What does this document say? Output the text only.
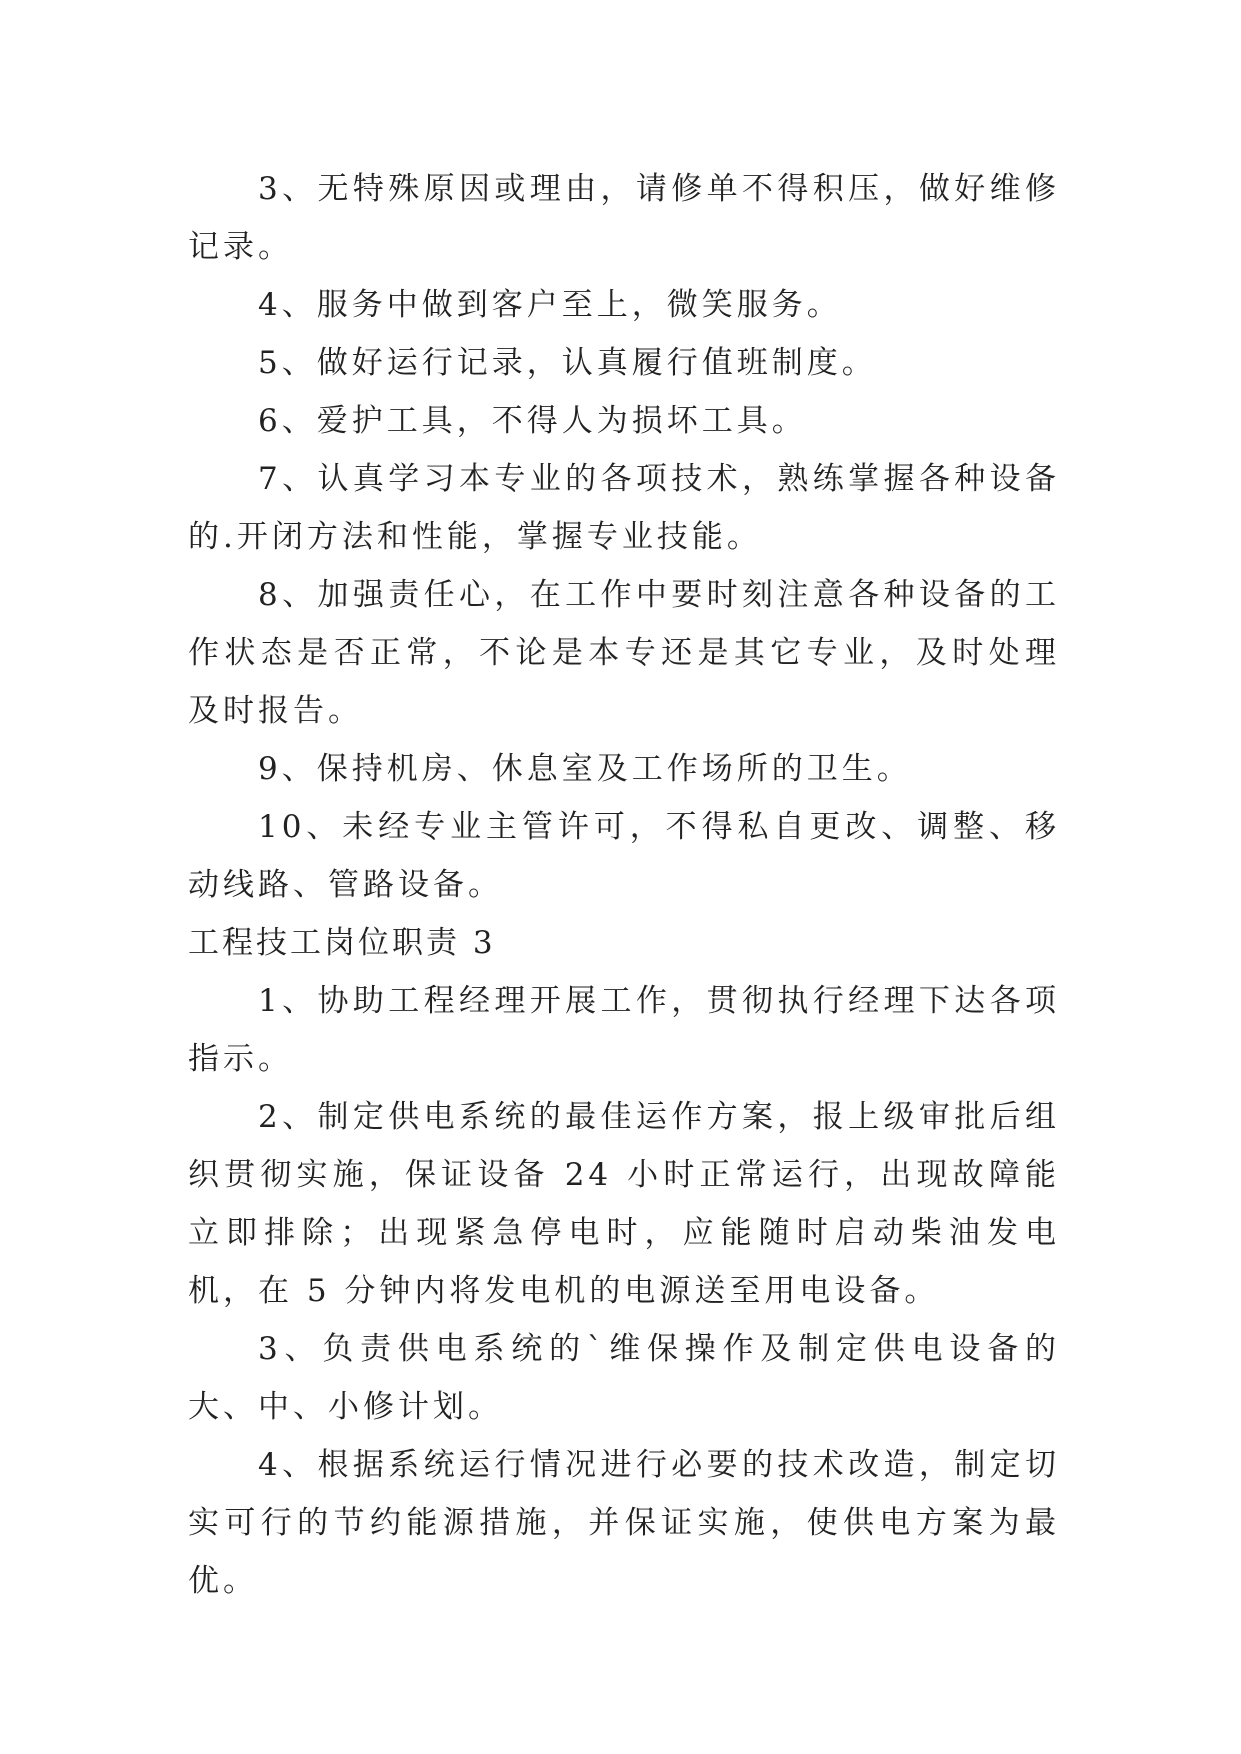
3、无特殊原因或理由，请修单不得积压，做好维修记录。

4、服务中做到客户至上，微笑服务。

5、做好运行记录，认真履行值班制度。

6、爱护工具，不得人为损坏工具。

7、认真学习本专业的各项技术，熟练掌握各种设备的.开闭方法和性能，掌握专业技能。

8、加强责任心，在工作中要时刻注意各种设备的工作状态是否正常，不论是本专还是其它专业，及时处理及时报告。

9、保持机房、休息室及工作场所的卫生。

10、未经专业主管许可，不得私自更改、调整、移动线路、管路设备。

工程技工岗位职责 3

1、协助工程经理开展工作，贯彻执行经理下达各项指示。

2、制定供电系统的最佳运作方案，报上级审批后组织贯彻实施，保证设备 24 小时正常运行，出现故障能立即排除；出现紧急停电时，应能随时启动柴油发电机，在 5 分钟内将发电机的电源送至用电设备。

3、负责供电系统的`维保操作及制定供电设备的大、中、小修计划。

4、根据系统运行情况进行必要的技术改造，制定切实可行的节约能源措施，并保证实施，使供电方案为最优。
